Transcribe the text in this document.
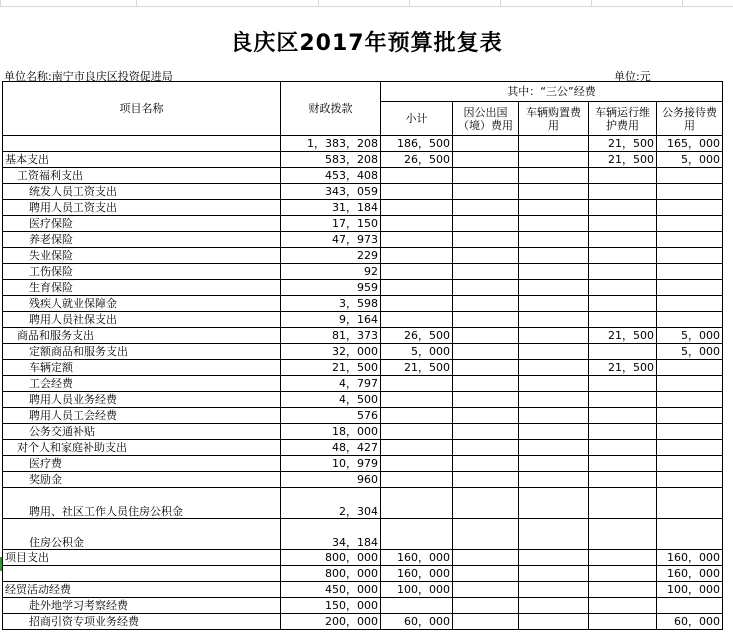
良庆区2017年预算批复表
单位名称:南宁市良庆区投资促进局	单位:元
项目名称	财政拨款	其中：“三公”经费				
		小计	因公出国（境）费用	车辆购置费用	车辆运行维护费用	公务接待费用

	1，383，208	186，500			21，500	165，000
基本支出	583，208	26，500			21，500	5，000
工资福利支出	453，408					
统发人员工资支出	343，059					
聘用人员工资支出	31，184					
医疗保险	17，150					
养老保险	47，973					
失业保险	229					
工伤保险	92					
生育保险	959					
残疾人就业保障金	3，598					
聘用人员社保支出	9，164					
商品和服务支出	81，373	26，500			21，500	5，000
定额商品和服务支出	32，000	5，000				5，000
车辆定额	21，500	21，500			21，500	
工会经费	4，797					
聘用人员业务经费	4，500					
聘用人员工会经费	576					
公务交通补贴	18，000					
对个人和家庭补助支出	48，427					
医疗费	10，979					
奖励金	960					
聘用、社区工作人员住房公积金	2，304					
住房公积金	34，184					
项目支出	800，000	160，000				160，000
	800，000	160，000				160，000
经贸活动经费	450，000	100，000				100，000
赴外地学习考察经费	150，000					
招商引资专项业务经费	200，000	60，000				60，000
